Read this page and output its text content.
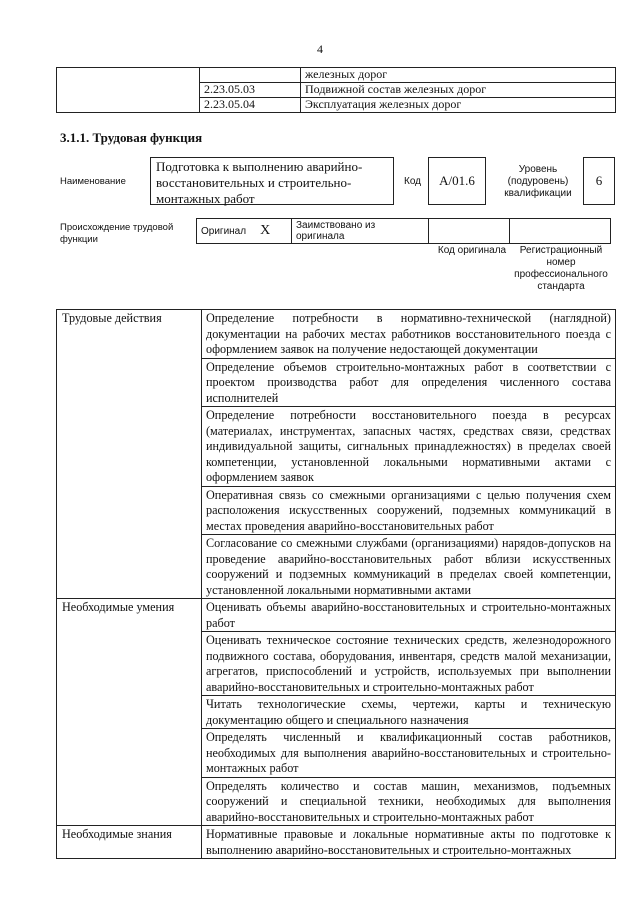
4
		железных дорог
	2.23.05.03	Подвижной состав железных дорог
	2.23.05.04	Эксплуатация железных дорог
3.1.1. Трудовая функция
Наименование
Подготовка к выполнению аварийно-восстановительных и строительно-монтажных работ
Код	A/01.6
Уровень (подуровень) квалификации
6
Происхождение трудовой функции
Оригинал X	Заимствовано из оригинала		
Код оригинала	Регистрационный номер профессионального стандарта
Трудовые действия	Определение потребности в нормативно-технической (наглядной) документации на рабочих местах работников восстановительного поезда с оформлением заявок на получение недостающей документации
	Определение объемов строительно-монтажных работ в соответствии с проектом производства работ для определения численного состава исполнителей
	Определение потребности восстановительного поезда в ресурсах (материалах, инструментах, запасных частях, средствах связи, средствах индивидуальной защиты, сигнальных принадлежностях) в пределах своей компетенции, установленной локальными нормативными актами с оформлением заявок
	Оперативная связь со смежными организациями с целью получения схем расположения искусственных сооружений, подземных коммуникаций в местах проведения аварийно-восстановительных работ
	Согласование со смежными службами (организациями) нарядов-допусков на проведение аварийно-восстановительных работ вблизи искусственных сооружений и подземных коммуникаций в пределах своей компетенции, установленной локальными нормативными актами
Необходимые умения	Оценивать объемы аварийно-восстановительных и строительно-монтажных работ
	Оценивать техническое состояние технических средств, железнодорожного подвижного состава, оборудования, инвентаря, средств малой механизации, агрегатов, приспособлений и устройств, используемых при выполнении аварийно-восстановительных и строительно-монтажных работ
	Читать технологические схемы, чертежи, карты и техническую документацию общего и специального назначения
	Определять численный и квалификационный состав работников, необходимых для выполнения аварийно-восстановительных и строительно-монтажных работ
	Определять количество и состав машин, механизмов, подъемных сооружений и специальной техники, необходимых для выполнения аварийно-восстановительных и строительно-монтажных работ
Необходимые знания	Нормативные правовые и локальные нормативные акты по подготовке к выполнению аварийно-восстановительных и строительно-монтажных
